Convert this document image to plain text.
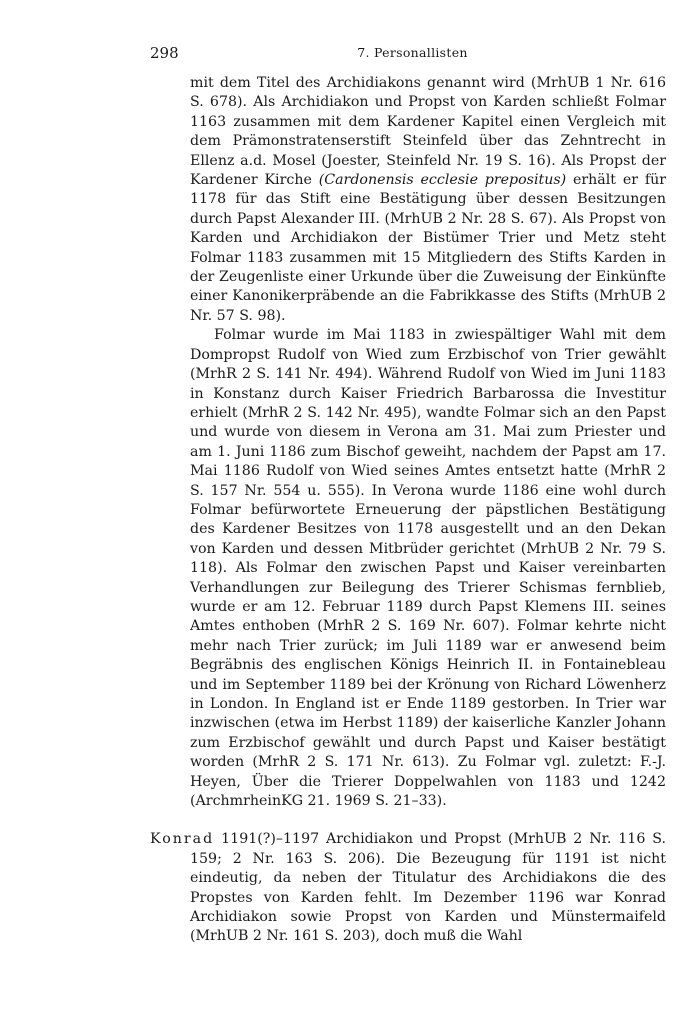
298	7. Personallisten

mit dem Titel des Archidiakons genannt wird (MrhUB 1 Nr. 616 S. 678). Als Archidiakon und Propst von Karden schließt Folmar 1163 zusammen mit dem Kardener Kapitel einen Vergleich mit dem Prämonstratenserstift Steinfeld über das Zehntrecht in Ellenz a.d. Mosel (Joester, Steinfeld Nr. 19 S. 16). Als Propst der Kardener Kirche (Cardonensis ecclesie prepositus) erhält er für 1178 für das Stift eine Bestätigung über dessen Besitzungen durch Papst Alexander III. (MrhUB 2 Nr. 28 S. 67). Als Propst von Karden und Archidiakon der Bistümer Trier und Metz steht Folmar 1183 zusammen mit 15 Mitgliedern des Stifts Karden in der Zeugenliste einer Urkunde über die Zuweisung der Einkünfte einer Kanonikerpräbende an die Fabrikkasse des Stifts (MrhUB 2 Nr. 57 S. 98).

Folmar wurde im Mai 1183 in zwiespältiger Wahl mit dem Dompropst Rudolf von Wied zum Erzbischof von Trier gewählt (MrhR 2 S. 141 Nr. 494). Während Rudolf von Wied im Juni 1183 in Konstanz durch Kaiser Friedrich Barbarossa die Investitur erhielt (MrhR 2 S. 142 Nr. 495), wandte Folmar sich an den Papst und wurde von diesem in Verona am 31. Mai zum Priester und am 1. Juni 1186 zum Bischof geweiht, nachdem der Papst am 17. Mai 1186 Rudolf von Wied seines Amtes entsetzt hatte (MrhR 2 S. 157 Nr. 554 u. 555). In Verona wurde 1186 eine wohl durch Folmar befürwortete Erneuerung der päpstlichen Bestätigung des Kardener Besitzes von 1178 ausgestellt und an den Dekan von Karden und dessen Mitbrüder gerichtet (MrhUB 2 Nr. 79 S. 118). Als Folmar den zwischen Papst und Kaiser vereinbarten Verhandlungen zur Beilegung des Trierer Schismas fernblieb, wurde er am 12. Februar 1189 durch Papst Klemens III. seines Amtes enthoben (MrhR 2 S. 169 Nr. 607). Folmar kehrte nicht mehr nach Trier zurück; im Juli 1189 war er anwesend beim Begräbnis des englischen Königs Heinrich II. in Fontainebleau und im September 1189 bei der Krönung von Richard Löwenherz in London. In England ist er Ende 1189 gestorben. In Trier war inzwischen (etwa im Herbst 1189) der kaiserliche Kanzler Johann zum Erzbischof gewählt und durch Papst und Kaiser bestätigt worden (MrhR 2 S. 171 Nr. 613). Zu Folmar vgl. zuletzt: F.-J. Heyen, Über die Trierer Doppelwahlen von 1183 und 1242 (ArchmrheinKG 21. 1969 S. 21–33).

Konrad 1191(?)–1197 Archidiakon und Propst (MrhUB 2 Nr. 116 S. 159; 2 Nr. 163 S. 206). Die Bezeugung für 1191 ist nicht eindeutig, da neben der Titulatur des Archidiakons die des Propstes von Karden fehlt. Im Dezember 1196 war Konrad Archidiakon sowie Propst von Karden und Münstermaifeld (MrhUB 2 Nr. 161 S. 203), doch muß die Wahl
